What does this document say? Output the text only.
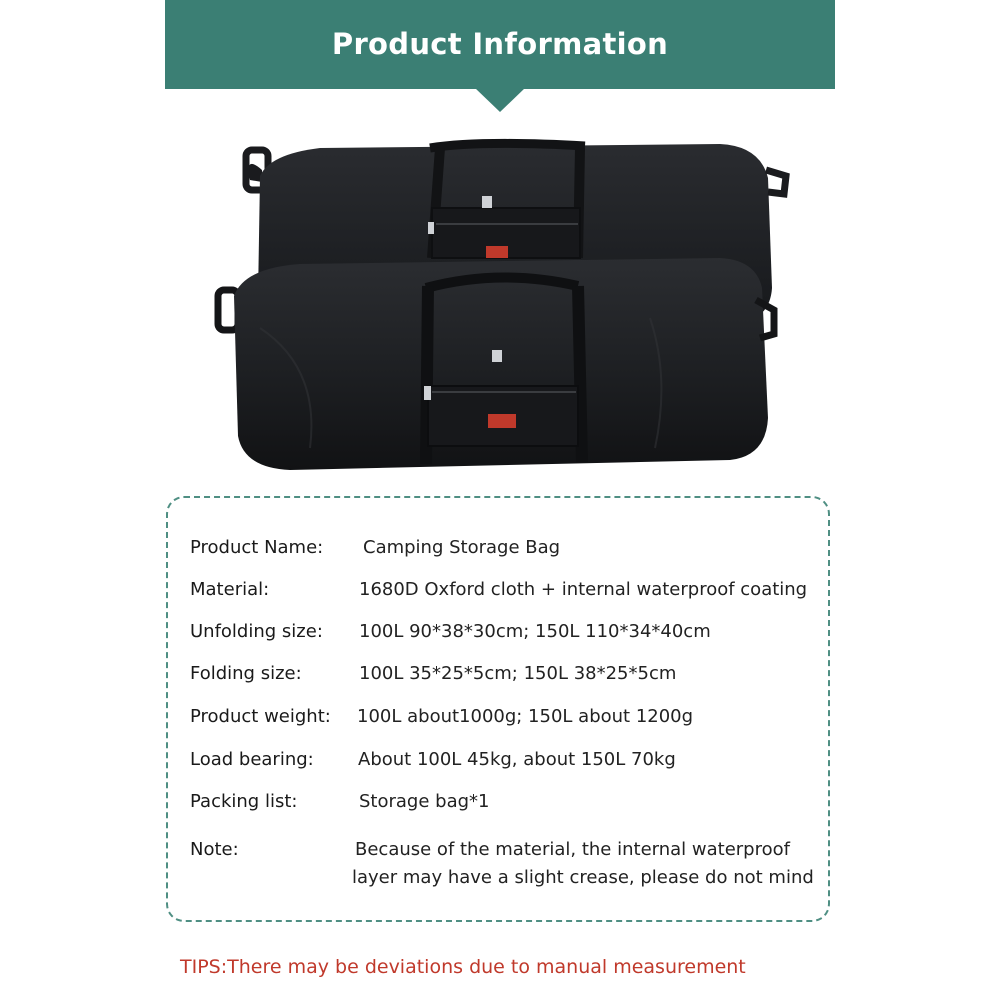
Product Information
Product Name: Camping Storage Bag
Material:	1680D Oxford cloth + internal waterproof coating
Unfolding size: 100L 90*38*30cm; 150L 110*34*40cm
Folding size:	100L 35*25*5cm; 150L 38*25*5cm
Product weight: 100L about1000g; 150L about 1200g
Load bearing: About 100L 45kg, about 150L 70kg
Packing list:	Storage bag*1
Note:	Because of the material, the internal waterproof
layer may have a slight crease, please do not mind
TIPS:There may be deviations due to manual measurement
